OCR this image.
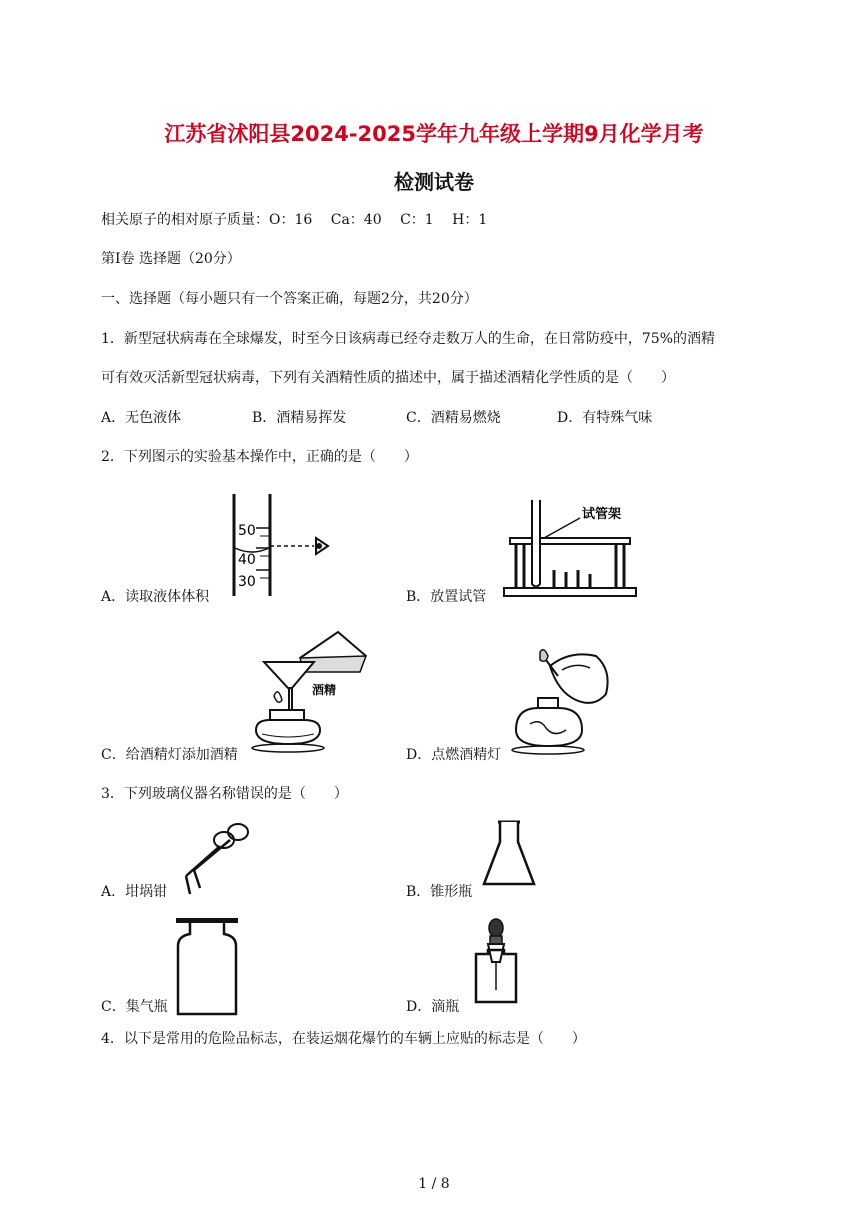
江苏省沭阳县2024-2025学年九年级上学期9月化学月考
检测试卷
相关原子的相对原子质量：O：16　 Ca：40　 C：1　 H：1
第Ⅰ卷 选择题（20分）
一、选择题（每小题只有一个答案正确，每题2分，共20分）
1．新型冠状病毒在全球爆发，时至今日该病毒已经夺走数万人的生命，在日常防疫中，75%的酒精
可有效灭活新型冠状病毒，下列有关酒精性质的描述中，属于描述酒精化学性质的是（　　）
A．无色液体	B．酒精易挥发	C．酒精易燃烧	D．有特殊气味
2．下列图示的实验基本操作中，正确的是（　　）
50
40
30
A．读取液体体积
试管架
B．放置试管
酒精
C．给酒精灯添加酒精	D．点燃酒精灯
3．下列玻璃仪器名称错误的是（　　）
A．坩埚钳	B．锥形瓶
C．集气瓶	D．滴瓶
4．以下是常用的危险品标志，在装运烟花爆竹的车辆上应贴的标志是（　　）
1 / 8
